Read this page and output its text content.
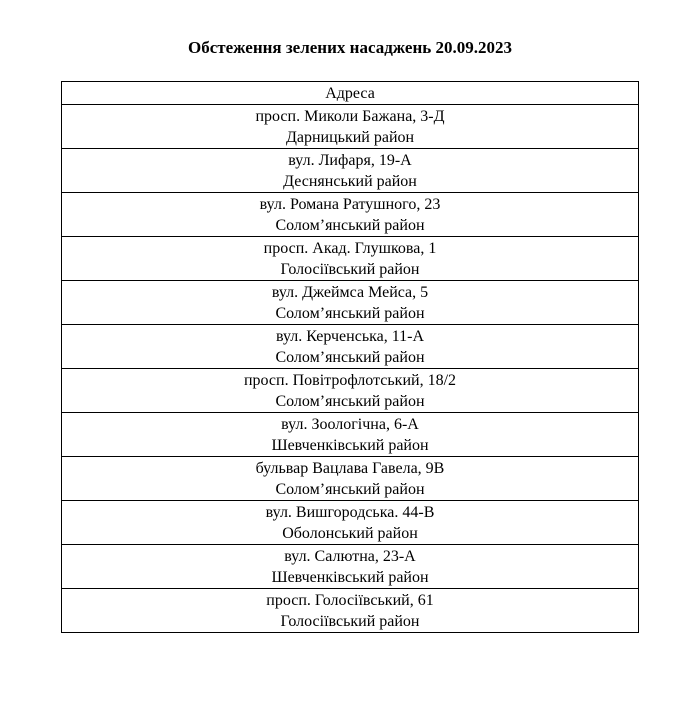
Обстеження зелених насаджень 20.09.2023
Адреса

просп. Миколи Бажана, 3-Д
Дарницький район

вул. Лифаря, 19-А
Деснянський район

вул. Романа Ратушного, 23
Солом’янський район

просп. Акад. Глушкова, 1
Голосіївський район

вул. Джеймса Мейса, 5
Солом’янський район

вул. Керченська, 11-А
Солом’янський район

просп. Повітрофлотський, 18/2
Солом’янський район

вул. Зоологічна, 6-А
Шевченківський район

бульвар Вацлава Гавела, 9В
Солом’янський район

вул. Вишгородська. 44-В
Оболонський район

вул. Салютна, 23-А
Шевченківський район

просп. Голосіївський, 61
Голосіївський район
